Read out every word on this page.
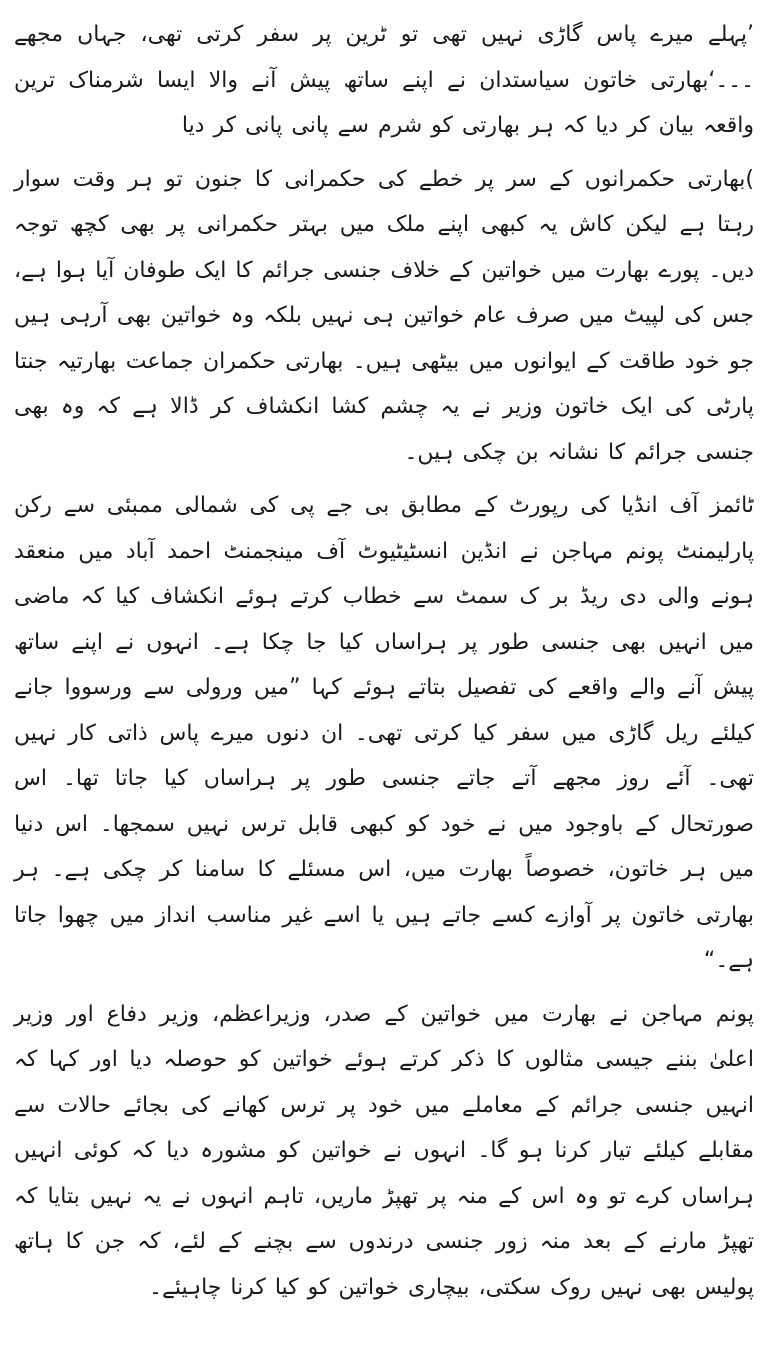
’پہلے میرے پاس گاڑی نہیں تھی تو ٹرین پر سفر کرتی تھی، جہاں مجھے ۔۔۔‘بھارتی خاتون سیاستدان نے اپنے ساتھ پیش آنے والا ایسا شرمناک ترین واقعہ بیان کر دیا کہ ہر بھارتی کو شرم سے پانی پانی کر دیا

)بھارتی حکمرانوں کے سر پر خطے کی حکمرانی کا جنون تو ہر وقت سوار رہتا ہے لیکن کاش یہ کبھی اپنے ملک میں بہتر حکمرانی پر بھی کچھ توجہ دیں۔ پورے بھارت میں خواتین کے خلاف جنسی جرائم کا ایک طوفان آیا ہوا ہے، جس کی لپیٹ میں صرف عام خواتین ہی نہیں بلکہ وہ خواتین بھی آرہی ہیں جو خود طاقت کے ایوانوں میں بیٹھی ہیں۔ بھارتی حکمران جماعت بھارتیہ جنتا پارٹی کی ایک خاتون وزیر نے یہ چشم کشا انکشاف کر ڈالا ہے کہ وہ بھی جنسی جرائم کا نشانہ بن چکی ہیں۔

ٹائمز آف انڈیا کی رپورٹ کے مطابق بی جے پی کی شمالی ممبئی سے رکن پارلیمنٹ پونم مہاجن نے انڈین انسٹیٹیوٹ آف مینجمنٹ احمد آباد میں منعقد ہونے والی دی ریڈ بر ک سمٹ سے خطاب کرتے ہوئے انکشاف کیا کہ ماضی میں انہیں بھی جنسی طور پر ہراساں کیا جا چکا ہے۔ انہوں نے اپنے ساتھ پیش آنے والے واقعے کی تفصیل بتاتے ہوئے کہا ”میں ورولی سے ورسووا جانے کیلئے ریل گاڑی میں سفر کیا کرتی تھی۔ ان دنوں میرے پاس ذاتی کار نہیں تھی۔ آئے روز مجھے آتے جاتے جنسی طور پر ہراساں کیا جاتا تھا۔ اس صورتحال کے باوجود میں نے خود کو کبھی قابل ترس نہیں سمجھا۔ اس دنیا میں ہر خاتون، خصوصاً بھارت میں، اس مسئلے کا سامنا کر چکی ہے۔ ہر بھارتی خاتون پر آوازے کسے جاتے ہیں یا اسے غیر مناسب انداز میں چھوا جاتا ہے۔“

پونم مہاجن نے بھارت میں خواتین کے صدر، وزیراعظم، وزیر دفاع اور وزیر اعلیٰ بننے جیسی مثالوں کا ذکر کرتے ہوئے خواتین کو حوصلہ دیا اور کہا کہ انہیں جنسی جرائم کے معاملے میں خود پر ترس کھانے کی بجائے حالات سے مقابلے کیلئے تیار کرنا ہو گا۔ انہوں نے خواتین کو مشورہ دیا کہ کوئی انہیں ہراساں کرے تو وہ اس کے منہ پر تھپڑ ماریں، تاہم انہوں نے یہ نہیں بتایا کہ تھپڑ مارنے کے بعد منہ زور جنسی درندوں سے بچنے کے لئے، کہ جن کا ہاتھ پولیس بھی نہیں روک سکتی، بیچاری خواتین کو کیا کرنا چاہیئے۔
